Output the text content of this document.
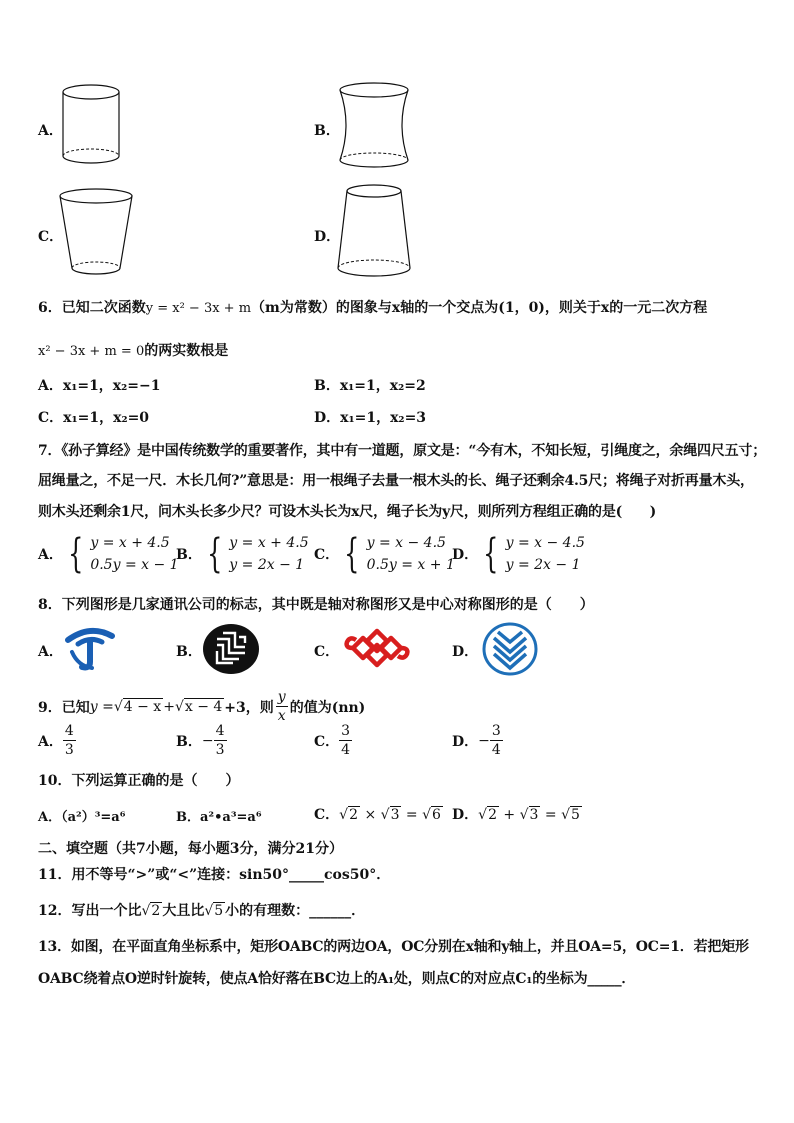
A．	B．
C．	D．
6．已知二次函数y = x² − 3x + m（m为常数）的图象与x轴的一个交点为(1，0)，则关于x的一元二次方程
x² − 3x + m = 0的两实数根是
A．x₁=1，x₂=−1	B．x₁=1，x₂=2
C．x₁=1，x₂=0	D．x₁=1，x₂=3
7．《孙子算经》是中国传统数学的重要著作，其中有一道题，原文是：“今有木，不知长短，引绳度之，余绳四尺五寸；
屈绳量之，不足一尺．木长几何?”意思是：用一根绳子去量一根木头的长、绳子还剩余4.5尺；将绳子对折再量木头，
则木头还剩余1尺，问木头长多少尺？可设木头长为x尺，绳子长为y尺，则所列方程组正确的是(　　)
A． { y = x + 4.5
0.5y = x − 1
B． { y = x + 4.5
y = 2x − 1
C． { y = x − 4.5
0.5y = x + 1
D． { y = x − 4.5
y = 2x − 1
8．下列图形是几家通讯公司的标志，其中既是轴对称图形又是中心对称图形的是（　　）
A．	B．	C．	D．
9．已知 y = √4 − x + √x − 4 +3，则 $\frac{y}{x}$ 的值为(nn)
A． $\frac{4}{3}$	B． − $\frac{4}{3}$	C． $\frac{3}{4}$	D． − $\frac{3}{4}$
10．下列运算正确的是（　　）
A．（a²）³=a⁶	B．a²•a³=a⁶	C．√2 × √3 = √6 D．√2 + √3 = √5
二、填空题（共7小题，每小题3分，满分21分）
11．用不等号“>”或“<”连接：sin50°_____cos50°．
12．写出一个比√2 大且比√5 小的有理数：______．
13．如图，在平面直角坐标系中，矩形OABC的两边OA，OC分别在x轴和y轴上，并且OA=5，OC=1．若把矩形
OABC绕着点O逆时针旋转，使点A恰好落在BC边上的A₁处，则点C的对应点C₁的坐标为_____．
